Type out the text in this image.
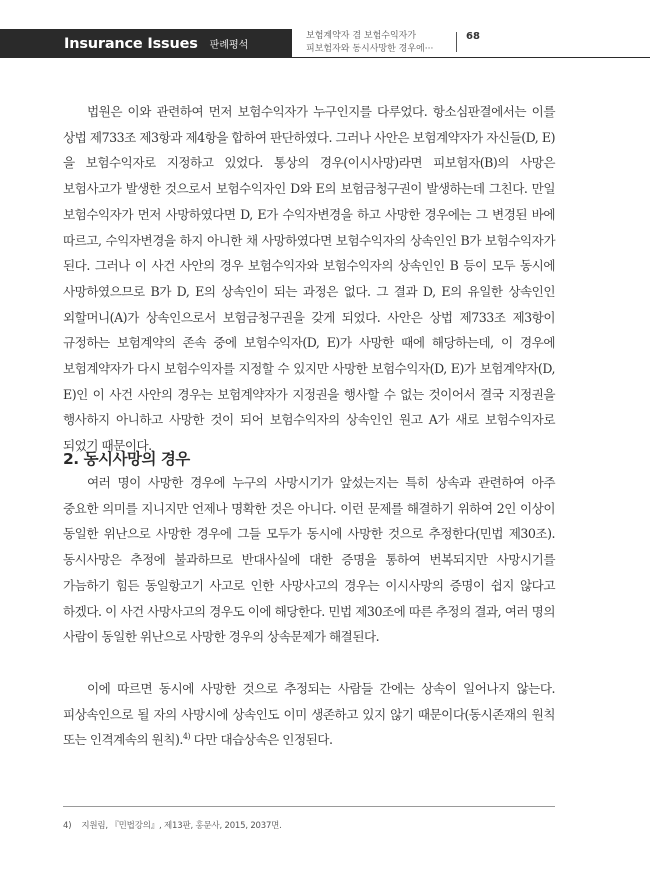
Insurance Issues 판례평석
보험계약자 겸 보험수익자가
피보험자와 동시사망한 경우에···
68

법원은 이와 관련하여 먼저 보험수익자가 누구인지를 다루었다. 항소심판결에서는 이를 상법 제733조 제3항과 제4항을 합하여 판단하였다. 그러나 사안은 보험계약자가 자신들(D, E)을 보험수익자로 지정하고 있었다. 통상의 경우(이시사망)라면 피보험자(B)의 사망은 보험사고가 발생한 것으로서 보험수익자인 D와 E의 보험금청구권이 발생하는데 그친다. 만일 보험수익자가 먼저 사망하였다면 D, E가 수익자변경을 하고 사망한 경우에는 그 변경된 바에 따르고, 수익자변경을 하지 아니한 채 사망하였다면 보험수익자의 상속인인 B가 보험수익자가 된다. 그러나 이 사건 사안의 경우 보험수익자와 보험수익자의 상속인인 B 등이 모두 동시에 사망하였으므로 B가 D, E의 상속인이 되는 과정은 없다. 그 결과 D, E의 유일한 상속인인 외할머니(A)가 상속인으로서 보험금청구권을 갖게 되었다. 사안은 상법 제733조 제3항이 규정하는 보험계약의 존속 중에 보험수익자(D, E)가 사망한 때에 해당하는데, 이 경우에 보험계약자가 다시 보험수익자를 지정할 수 있지만 사망한 보험수익자(D, E)가 보험계약자(D, E)인 이 사건 사안의 경우는 보험계약자가 지정권을 행사할 수 없는 것이어서 결국 지정권을 행사하지 아니하고 사망한 것이 되어 보험수익자의 상속인인 원고 A가 새로 보험수익자로 되었기 때문이다.

2. 동시사망의 경우

여러 명이 사망한 경우에 누구의 사망시기가 앞섰는지는 특히 상속과 관련하여 아주 중요한 의미를 지니지만 언제나 명확한 것은 아니다. 이런 문제를 해결하기 위하여 2인 이상이 동일한 위난으로 사망한 경우에 그들 모두가 동시에 사망한 것으로 추정한다(민법 제30조). 동시사망은 추정에 불과하므로 반대사실에 대한 증명을 통하여 번복되지만 사망시기를 가늠하기 힘든 동일항고기 사고로 인한 사망사고의 경우는 이시사망의 증명이 쉽지 않다고 하겠다. 이 사건 사망사고의 경우도 이에 해당한다. 민법 제30조에 따른 추정의 결과, 여러 명의 사람이 동일한 위난으로 사망한 경우의 상속문제가 해결된다.

이에 따르면 동시에 사망한 것으로 추정되는 사람들 간에는 상속이 일어나지 않는다. 피상속인으로 될 자의 사망시에 상속인도 이미 생존하고 있지 않기 때문이다(동시존재의 원칙 또는 인격계속의 원칙).$^{4)}$ 다만 대습상속은 인정된다.

4) 지원림, 『민법강의』, 제13판, 홍문사, 2015, 2037면.
